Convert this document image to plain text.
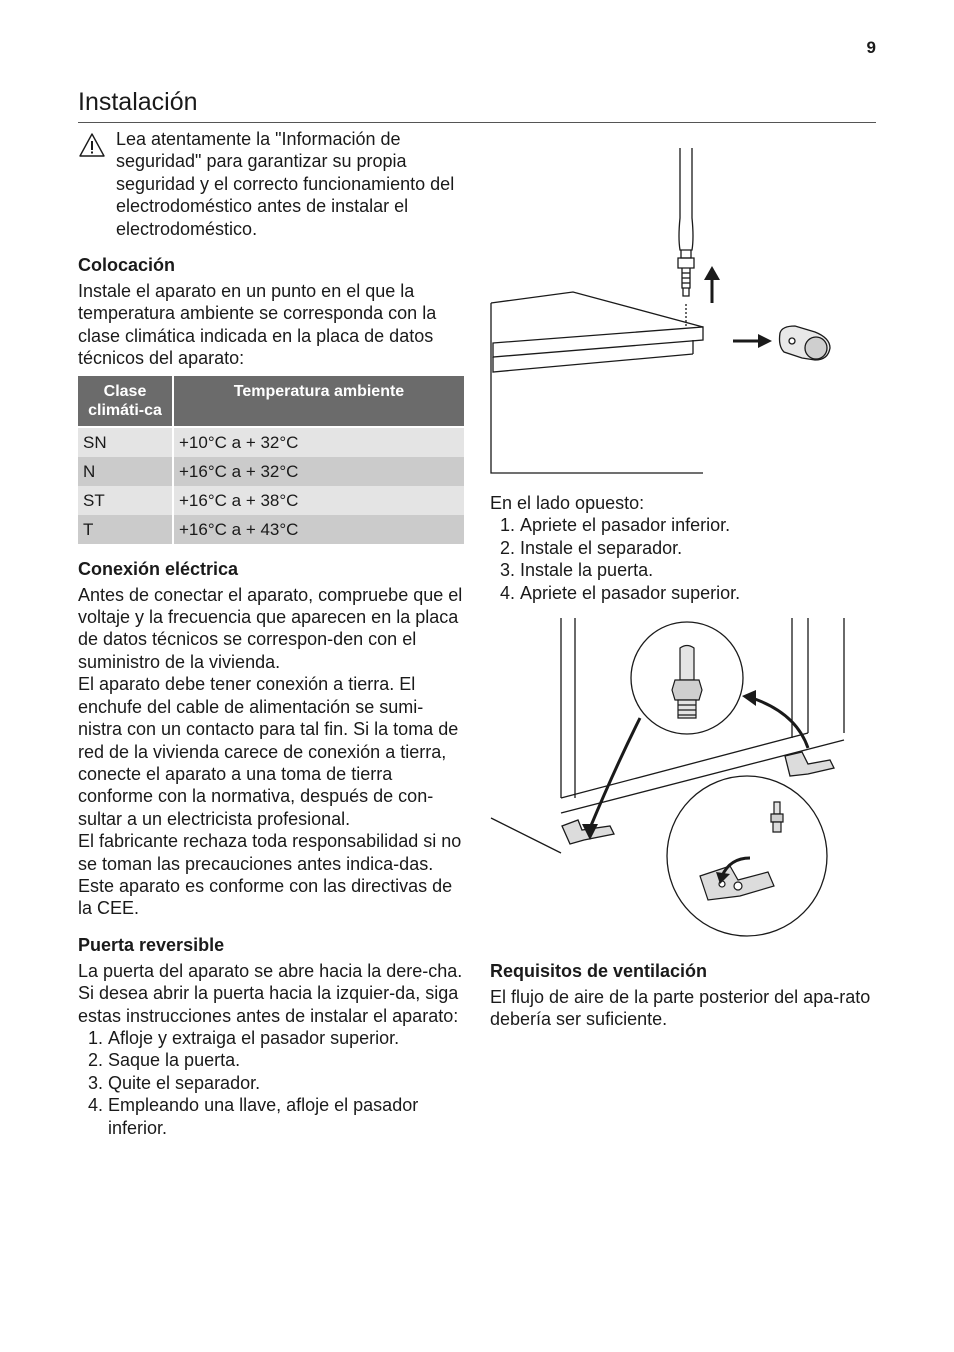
9
Instalación

Lea atentamente la "Información de seguridad" para garantizar su propia seguridad y el correcto funcionamiento del electrodoméstico antes de instalar el electrodoméstico.

Colocación

Instale el aparato en un punto en el que la temperatura ambiente se corresponda con la clase climática indicada en la placa de datos técnicos del aparato:

Clase climáti-ca	Temperatura ambiente
SN	+10°C a + 32°C
N	+16°C a + 32°C
ST	+16°C a + 38°C
T	+16°C a + 43°C
Conexión eléctrica

Antes de conectar el aparato, compruebe que el voltaje y la frecuencia que aparecen en la placa de datos técnicos se correspon-den con el suministro de la vivienda.

El aparato debe tener conexión a tierra. El enchufe del cable de alimentación se sumi-nistra con un contacto para tal fin. Si la toma de red de la vivienda carece de conexión a tierra, conecte el aparato a una toma de tierra conforme con la normativa, después de con-sultar a un electricista profesional.

El fabricante rechaza toda responsabilidad si no se toman las precauciones antes indica-das.

Este aparato es conforme con las directivas de la CEE.

Puerta reversible

La puerta del aparato se abre hacia la dere-cha. Si desea abrir la puerta hacia la izquier-da, siga estas instrucciones antes de instalar el aparato:

1. Afloje y extraiga el pasador superior.
2. Saque la puerta.
3. Quite el separador.
4. Empleando una llave, afloje el pasador inferior.

En el lado opuesto:

1. Apriete el pasador inferior.
2. Instale el separador.
3. Instale la puerta.
4. Apriete el pasador superior.
Requisitos de ventilación

El flujo de aire de la parte posterior del apa-rato debería ser suficiente.
